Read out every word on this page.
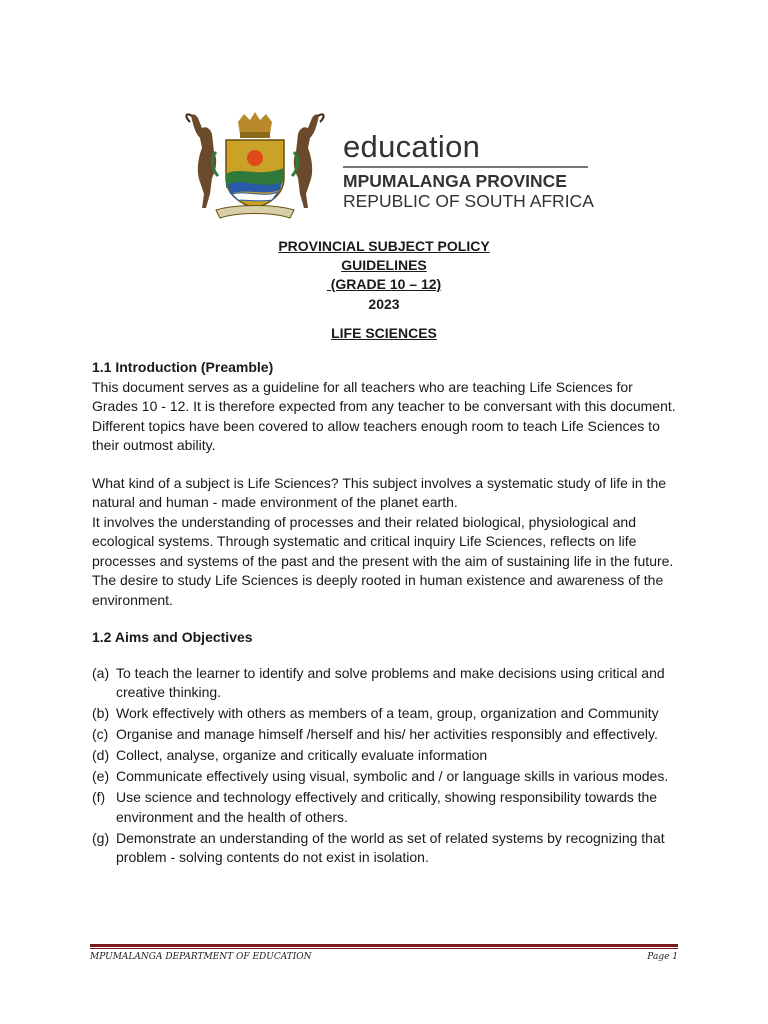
education
MPUMALANGA PROVINCE
REPUBLIC OF SOUTH AFRICA
PROVINCIAL SUBJECT POLICY
GUIDELINES
(GRADE 10 – 12)
2023
LIFE SCIENCES

1.1 Introduction (Preamble)

This document serves as a guideline for all teachers who are teaching Life Sciences for Grades 10 - 12. It is therefore expected from any teacher to be conversant with this document. Different topics have been covered to allow teachers enough room to teach Life Sciences to their outmost ability.

What kind of a subject is Life Sciences? This subject involves a systematic study of life in the natural and human - made environment of the planet earth.

It involves the understanding of processes and their related biological, physiological and ecological systems. Through systematic and critical inquiry Life Sciences, reflects on life processes and systems of the past and the present with the aim of sustaining life in the future. The desire to study Life Sciences is deeply rooted in human existence and awareness of the environment.

1.2 Aims and Objectives

(a) To teach the learner to identify and solve problems and make decisions using critical and creative thinking.
(b) Work effectively with others as members of a team, group, organization and Community
(c) Organise and manage himself /herself and his/ her activities responsibly and effectively.
(d) Collect, analyse, organize and critically evaluate information
(e) Communicate effectively using visual, symbolic and / or language skills in various modes.
(f) Use science and technology effectively and critically, showing responsibility towards the environment and the health of others.
(g) Demonstrate an understanding of the world as set of related systems by recognizing that problem - solving contents do not exist in isolation.
MPUMALANGA DEPARTMENT OF EDUCATION	Page 1
